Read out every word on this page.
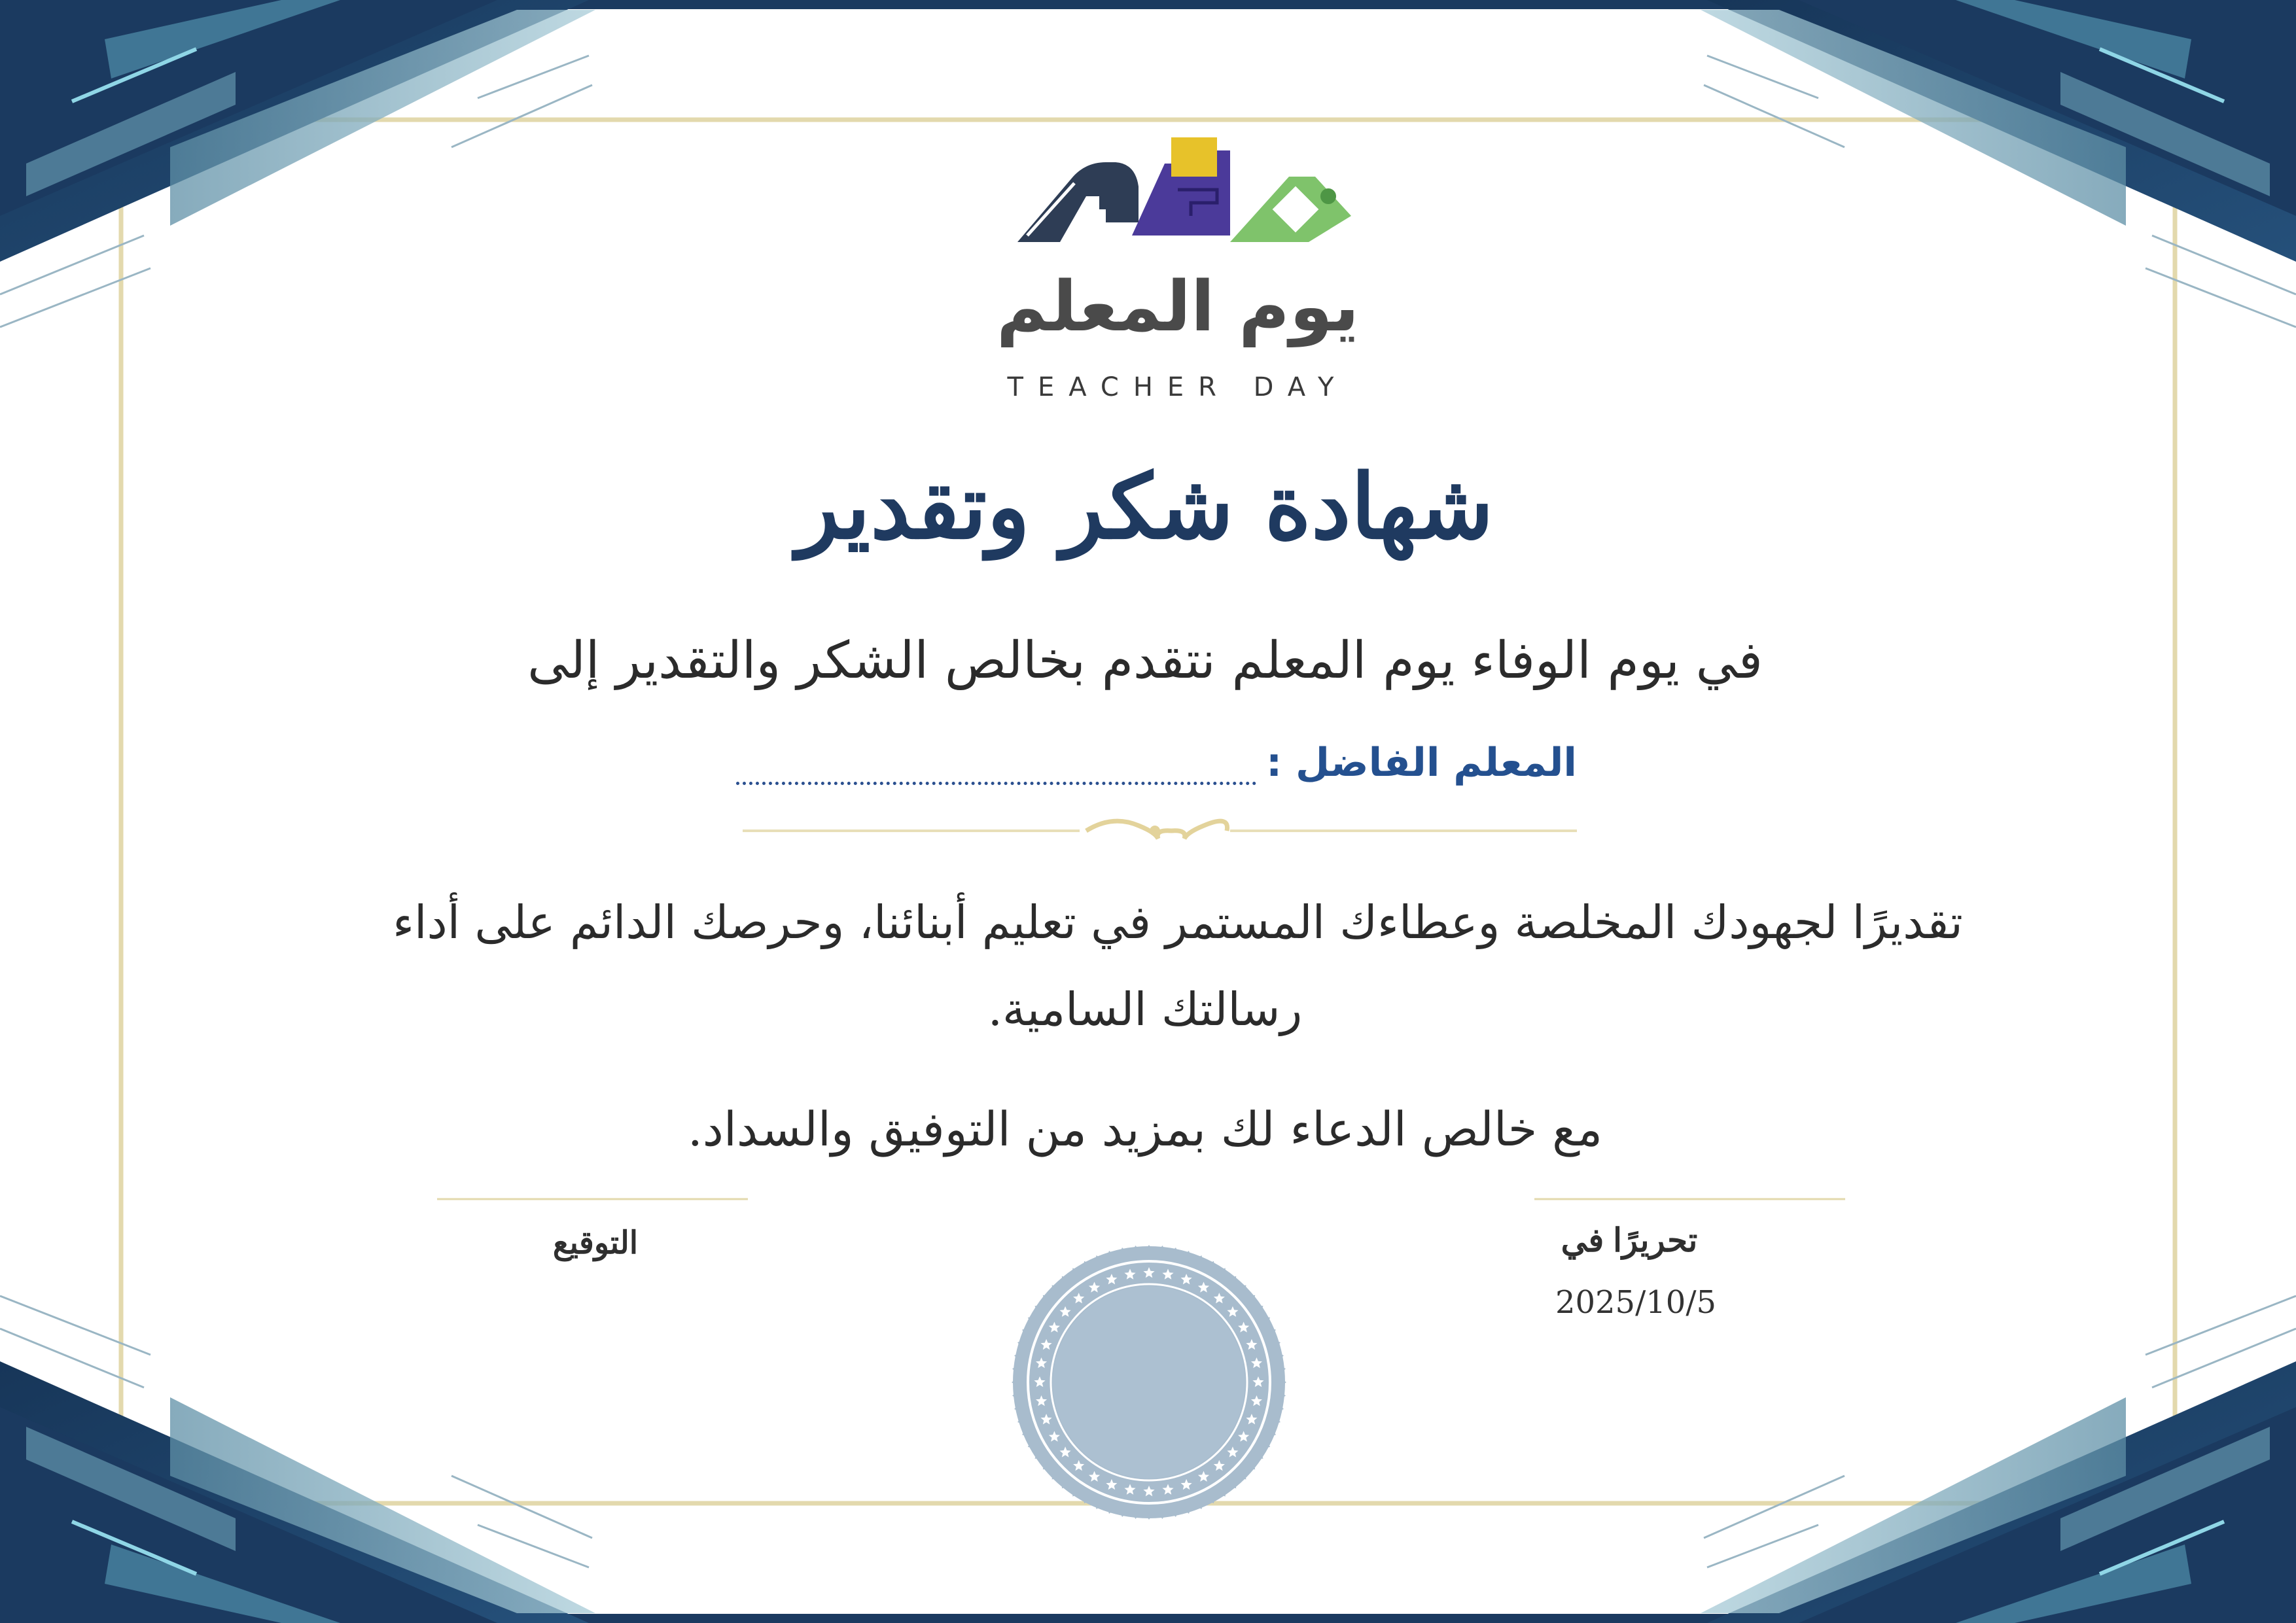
يوم المعلم
TEACHER DAY
شهادة شكر وتقدير
في يوم الوفاء يوم المعلم نتقدم بخالص الشكر والتقدير إلى
المعلم الفاضل :
تقديرًا لجهودك المخلصة وعطاءك المستمر في تعليم أبنائنا، وحرصك الدائم على أداء
رسالتك السامية.
مع خالص الدعاء لك بمزيد من التوفيق والسداد.
تحريرًا في
2025/10/5
التوقيع
